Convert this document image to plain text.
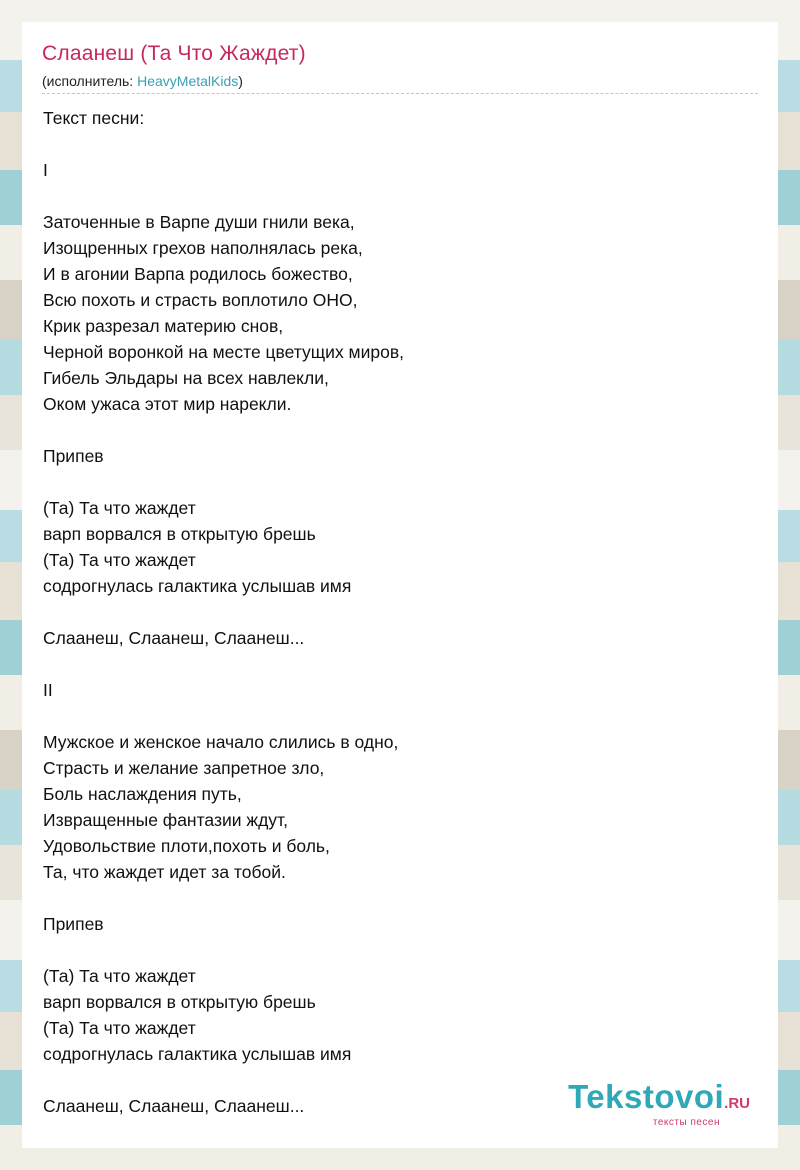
Слаанеш (Та Что Жаждет)
(исполнитель: HeavyMetalKids)
Текст песни:
I
Заточенные в Варпе души гнили века,
Изощренных грехов наполнялась река,
И в агонии Варпа родилось божество,
Всю похоть и страсть воплотило ОНО,
Крик разрезал материю снов,
Черной воронкой на месте цветущих миров,
Гибель Эльдары на всех навлекли,
Оком ужаса этот мир нарекли.
Припев
(Та) Та что жаждет
варп ворвался в открытую брешь
(Та) Та что жаждет
содрогнулась галактика услышав имя
Слаанеш, Слаанеш, Слаанеш...
II
Мужское и женское начало слились в одно,
Страсть и желание запретное зло,
Боль наслаждения путь,
Извращенные фантазии ждут,
Удовольствие плоти,похоть и боль,
Та, что жаждет идет за тобой.
Припев
(Та) Та что жаждет
варп ворвался в открытую брешь
(Та) Та что жаждет
содрогнулась галактика услышав имя
Слаанеш, Слаанеш, Слаанеш...	Tekstovoi.RU
тексты песен
